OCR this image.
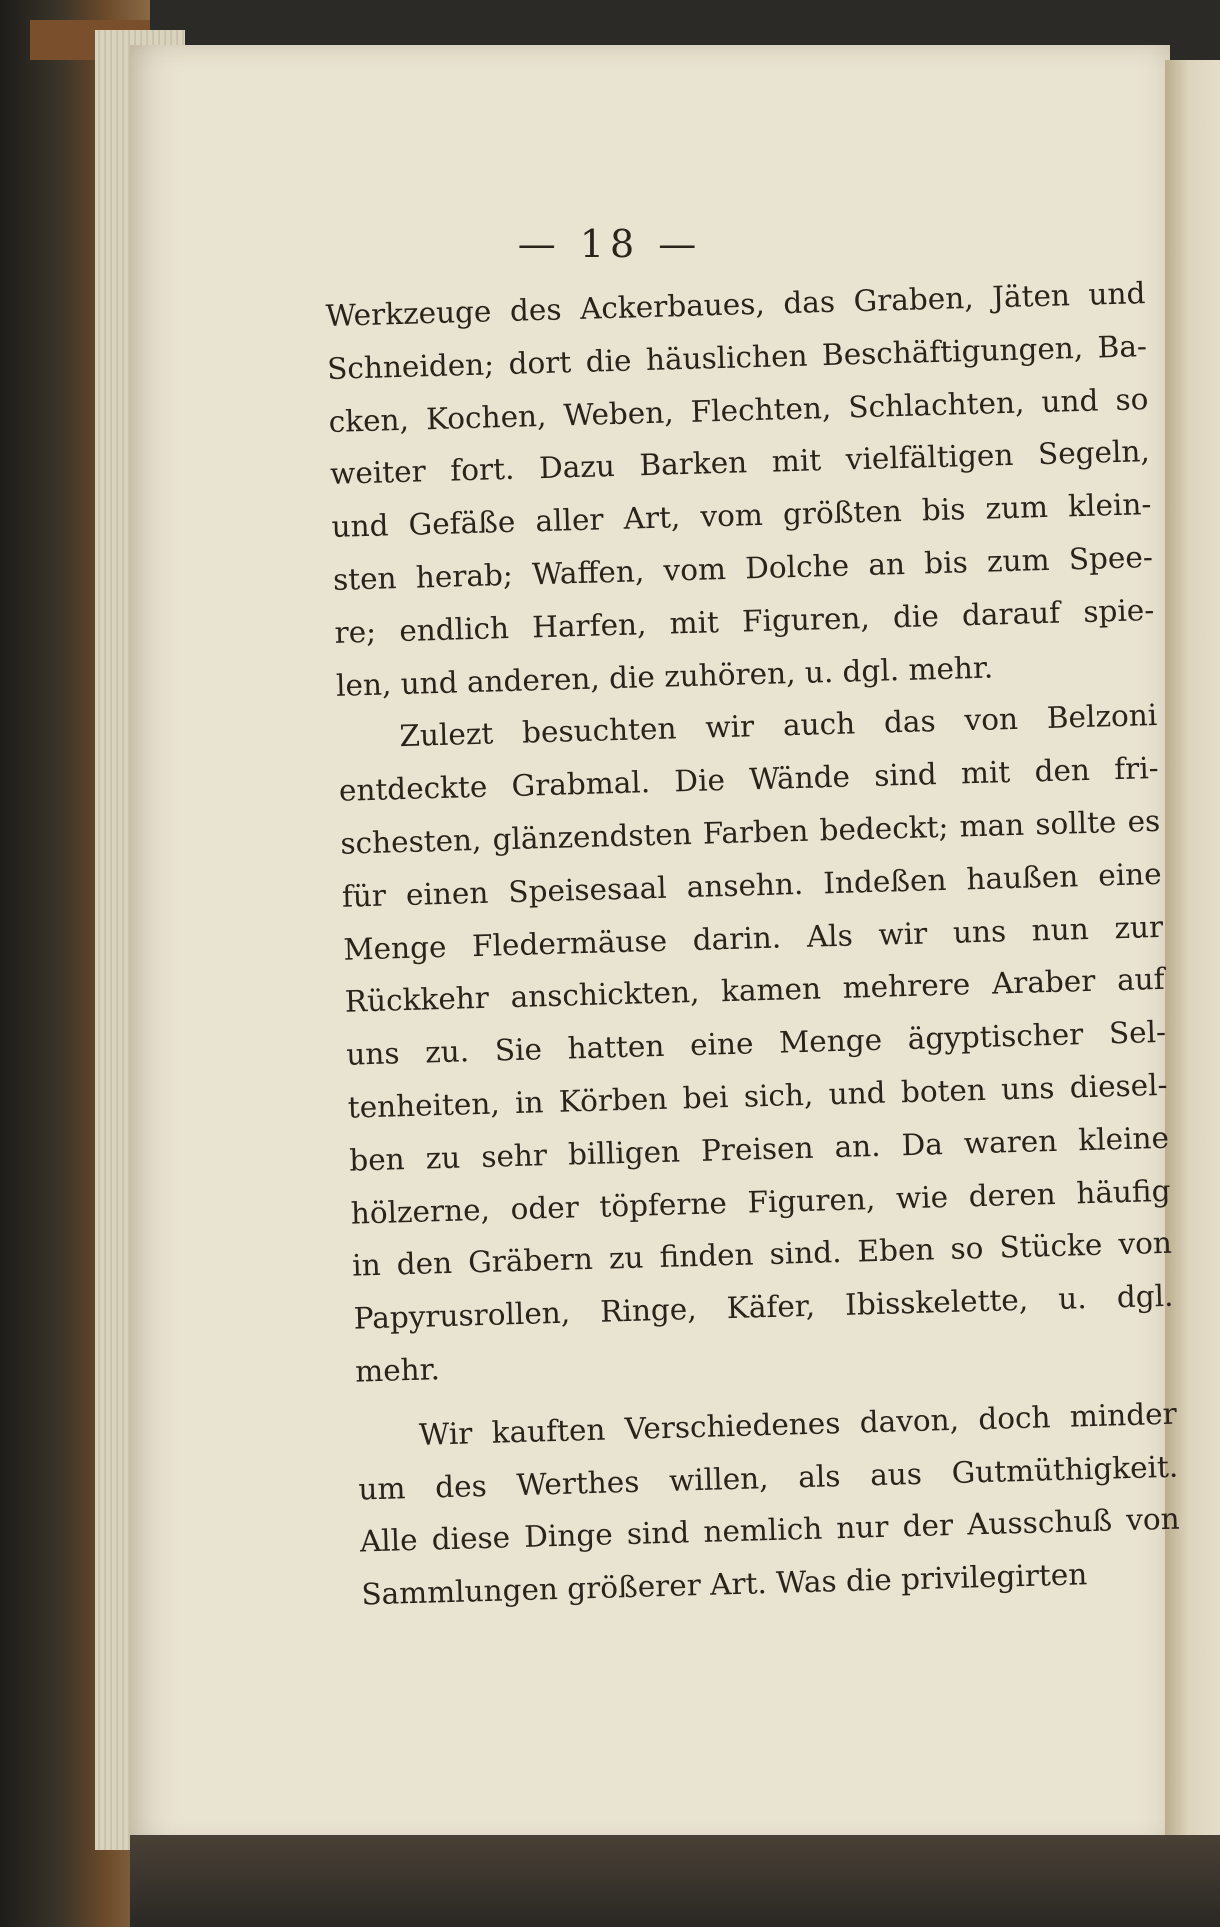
— 18 —
Werkzeuge des Ackerbaues, das Graben, Jäten und
Schneiden; dort die häuslichen Beschäftigungen, Ba-
cken, Kochen, Weben, Flechten, Schlachten, und so
weiter fort. Dazu Barken mit vielfältigen Segeln,
und Gefäße aller Art, vom größten bis zum klein-
sten herab; Waffen, vom Dolche an bis zum Spee-
re; endlich Harfen, mit Figuren, die darauf spie-
len, und anderen, die zuhören, u. dgl. mehr.
Zulezt besuchten wir auch das von Belzoni
entdeckte Grabmal. Die Wände sind mit den fri-
schesten, glänzendsten Farben bedeckt; man sollte es
für einen Speisesaal ansehn. Indeßen haußen eine
Menge Fledermäuse darin. Als wir uns nun zur
Rückkehr anschickten, kamen mehrere Araber auf
uns zu. Sie hatten eine Menge ägyptischer Sel-
tenheiten, in Körben bei sich, und boten uns diesel-
ben zu sehr billigen Preisen an. Da waren kleine
hölzerne, oder töpferne Figuren, wie deren häufig
in den Gräbern zu finden sind. Eben so Stücke von
Papyrusrollen, Ringe, Käfer, Ibisskelette, u. dgl.
mehr.
Wir kauften Verschiedenes davon, doch minder
um des Werthes willen, als aus Gutmüthigkeit.
Alle diese Dinge sind nemlich nur der Ausschuß von
Sammlungen größerer Art. Was die privilegirten
